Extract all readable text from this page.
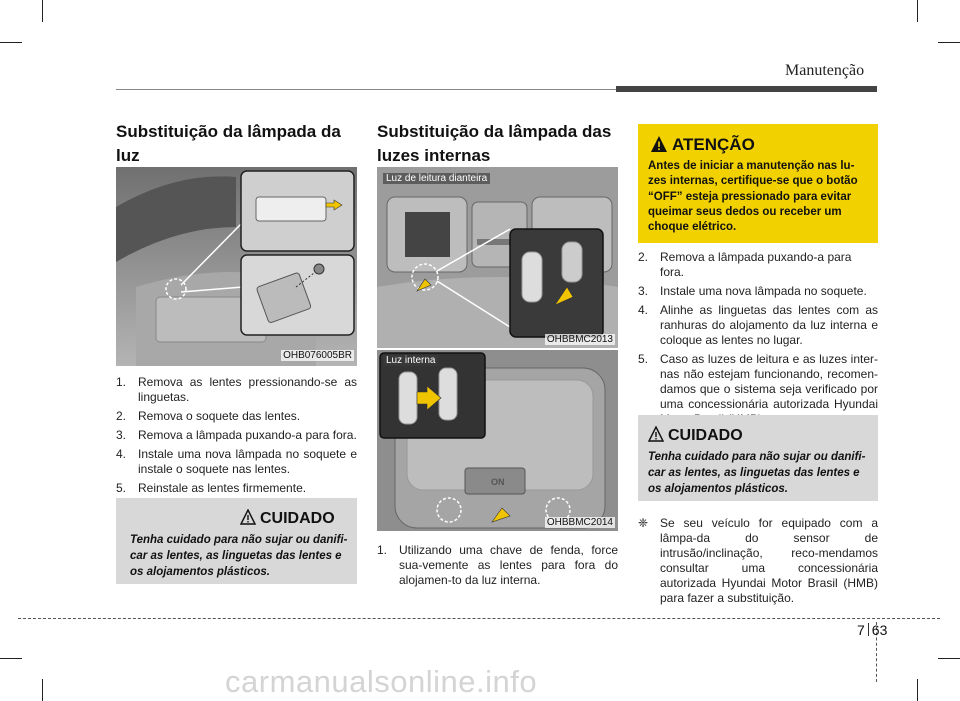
Manutenção
Substituição da lâmpada da luz

OHB076005BR
1. Remova as lentes pressionando-se as linguetas.
2. Remova o soquete das lentes.
3. Remova a lâmpada puxando-a para fora.
4. Instale uma nova lâmpada no soquete e instale o soquete nas lentes.
5. Reinstale as lentes firmemente.
CUIDADO
Tenha cuidado para não sujar ou danifi-
car as lentes, as linguetas das lentes e
os alojamentos plásticos.
Substituição da lâmpada das
luzes internas
Luz de leitura dianteira
OHBBMC2013
Luz interna
ON
OHBBMC2014
1. Utilizando uma chave de fenda, force sua-vemente as lentes para fora do alojamen-to da luz interna.
ATENÇÃO
Antes de iniciar a manutenção nas lu-
zes internas, certifique-se que o botão
“OFF” esteja pressionado para evitar
queimar seus dedos ou receber um
choque elétrico.
2. Remova a lâmpada puxando-a para fora.
3. Instale uma nova lâmpada no soquete.
4. Alinhe as linguetas das lentes com as ranhuras do alojamento da luz interna e coloque as lentes no lugar.
5. Caso as luzes de leitura e as luzes inter-nas não estejam funcionando, recomen-damos que o sistema seja verificado por uma concessionária autorizada Hyundai
CUIDADO
Tenha cuidado para não sujar ou danifi-
car as lentes, as linguetas das lentes e
os alojamentos plásticos.
❈ Se seu veículo for equipado com a lâmpa-da do sensor de intrusão/inclinação, reco-mendamos consultar uma concessionária autorizada Hyundai Motor Brasil (HMB) para fazer a substituição.
7 63
carmanualsonline.info
